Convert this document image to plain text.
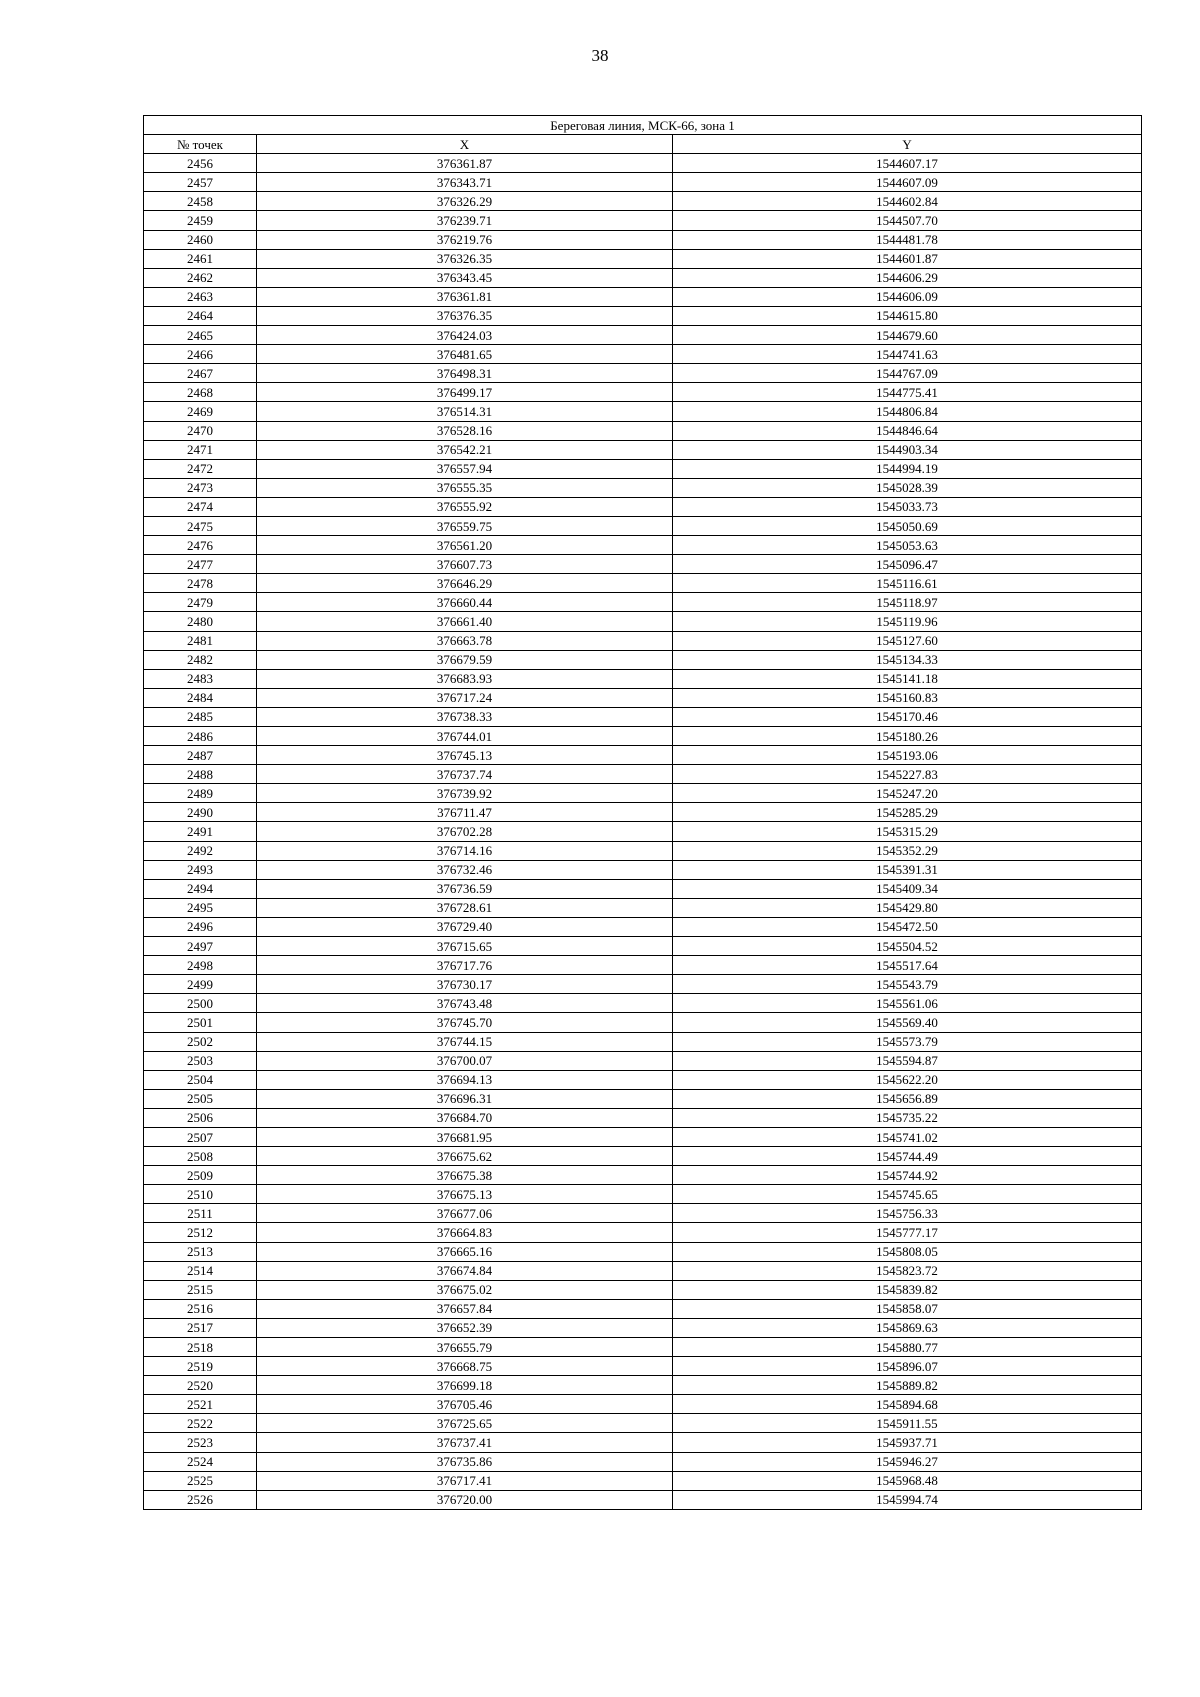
38
Береговая линия, МСК-66, зона 1		
№ точек	X	Y
2456	376361.87	1544607.17
2457	376343.71	1544607.09
2458	376326.29	1544602.84
2459	376239.71	1544507.70
2460	376219.76	1544481.78
2461	376326.35	1544601.87
2462	376343.45	1544606.29
2463	376361.81	1544606.09
2464	376376.35	1544615.80
2465	376424.03	1544679.60
2466	376481.65	1544741.63
2467	376498.31	1544767.09
2468	376499.17	1544775.41
2469	376514.31	1544806.84
2470	376528.16	1544846.64
2471	376542.21	1544903.34
2472	376557.94	1544994.19
2473	376555.35	1545028.39
2474	376555.92	1545033.73
2475	376559.75	1545050.69
2476	376561.20	1545053.63
2477	376607.73	1545096.47
2478	376646.29	1545116.61
2479	376660.44	1545118.97
2480	376661.40	1545119.96
2481	376663.78	1545127.60
2482	376679.59	1545134.33
2483	376683.93	1545141.18
2484	376717.24	1545160.83
2485	376738.33	1545170.46
2486	376744.01	1545180.26
2487	376745.13	1545193.06
2488	376737.74	1545227.83
2489	376739.92	1545247.20
2490	376711.47	1545285.29
2491	376702.28	1545315.29
2492	376714.16	1545352.29
2493	376732.46	1545391.31
2494	376736.59	1545409.34
2495	376728.61	1545429.80
2496	376729.40	1545472.50
2497	376715.65	1545504.52
2498	376717.76	1545517.64
2499	376730.17	1545543.79
2500	376743.48	1545561.06
2501	376745.70	1545569.40
2502	376744.15	1545573.79
2503	376700.07	1545594.87
2504	376694.13	1545622.20
2505	376696.31	1545656.89
2506	376684.70	1545735.22
2507	376681.95	1545741.02
2508	376675.62	1545744.49
2509	376675.38	1545744.92
2510	376675.13	1545745.65
2511	376677.06	1545756.33
2512	376664.83	1545777.17
2513	376665.16	1545808.05
2514	376674.84	1545823.72
2515	376675.02	1545839.82
2516	376657.84	1545858.07
2517	376652.39	1545869.63
2518	376655.79	1545880.77
2519	376668.75	1545896.07
2520	376699.18	1545889.82
2521	376705.46	1545894.68
2522	376725.65	1545911.55
2523	376737.41	1545937.71
2524	376735.86	1545946.27
2525	376717.41	1545968.48
2526	376720.00	1545994.74
